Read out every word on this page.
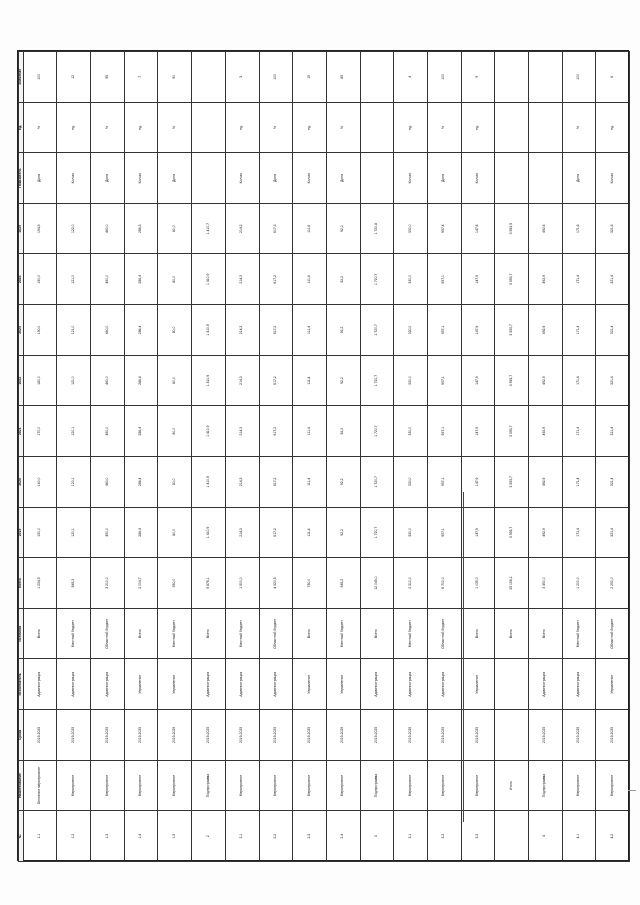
№	Наименование	Сроки	Исполнитель	Источник	Всего	2019	2020	2021	2022	2023	2024	2025	Показатель	Ед.	Значение
1.1	Основное мероприятие	2019-2025	Администрация	Всего	1 234,5	150,0	160,0	170,0	180,0	190,0	190,0	194,5	Доля	%	100
1.2	Мероприятие	2019-2025	Администрация	Местный бюджет	845,3	120,1	120,1	120,1	121,0	121,0	121,0	122,0	Кол-во	ед.	12
1.3	Мероприятие	2019-2025	Администрация	Областной бюджет	3 210,0	450,0	460,0	460,0	460,0	460,0	460,0	460,0	Доля	%	95
1.4	Мероприятие	2019-2025	Управление	Всего	2 004,7	286,4	286,4	286,4	286,4	286,4	286,4	286,3	Кол-во	ед.	7
1.5	Мероприятие	2019-2025	Управление	Местный бюджет	560,0	80,0	80,0	80,0	80,0	80,0	80,0	80,0	Доля	%	90
2	Подпрограмма	2019-2025	Администрация	Всего	9 876,1	1 410,9	1 410,9	1 410,9	1 410,9	1 410,9	1 410,9	1 410,7			
2.1	Мероприятие	2019-2025	Администрация	Местный бюджет	1 500,0	214,3	214,3	214,3	214,3	214,3	214,3	214,2	Кол-во	ед.	3
2.2	Мероприятие	2019-2025	Администрация	Областной бюджет	4 320,5	617,2	617,2	617,2	617,2	617,2	617,2	617,3	Доля	%	100
2.3	Мероприятие	2019-2025	Управление	Всего	780,0	111,4	111,4	111,4	111,4	111,4	111,4	111,6	Кол-во	ед.	15
2.4	Мероприятие	2019-2025	Управление	Местный бюджет	645,2	92,2	92,2	92,2	92,2	92,2	92,2	92,0	Доля	%	85
3	Подпрограмма	2019-2025	Администрация	Всего	12 045,0	1 720,7	1 720,7	1 720,7	1 720,7	1 720,7	1 720,7	1 720,8			
3.1	Мероприятие	2019-2025	Администрация	Местный бюджет	2 310,0	330,0	330,0	330,0	330,0	330,0	330,0	330,0	Кол-во	ед.	4
3.2	Мероприятие	2019-2025	Администрация	Областной бюджет	6 700,0	957,1	957,1	957,1	957,1	957,1	957,1	957,4	Доля	%	100
3.3	Мероприятие	2019-2025	Управление	Всего	1 035,0	147,9	147,9	147,9	147,9	147,9	147,9	147,6	Кол-во	ед.	9
	Итого			Всего	25 156,1	3 593,7	3 593,7	3 593,7	3 593,7	3 593,7	3 593,7	3 593,9			
4	Подпрограмма	2019-2025	Администрация	Всего	3 450,0	492,9	492,9	492,9	492,9	492,9	492,9	492,6			
4.1	Мероприятие	2019-2025	Администрация	Местный бюджет	1 200,0	171,4	171,4	171,4	171,4	171,4	171,4	171,6	Доля	%	100
4.2	Мероприятие	2019-2025	Управление	Областной бюджет	2 250,0	321,4	321,4	321,4	321,4	321,4	321,4	321,6	Кол-во	ед.	6
